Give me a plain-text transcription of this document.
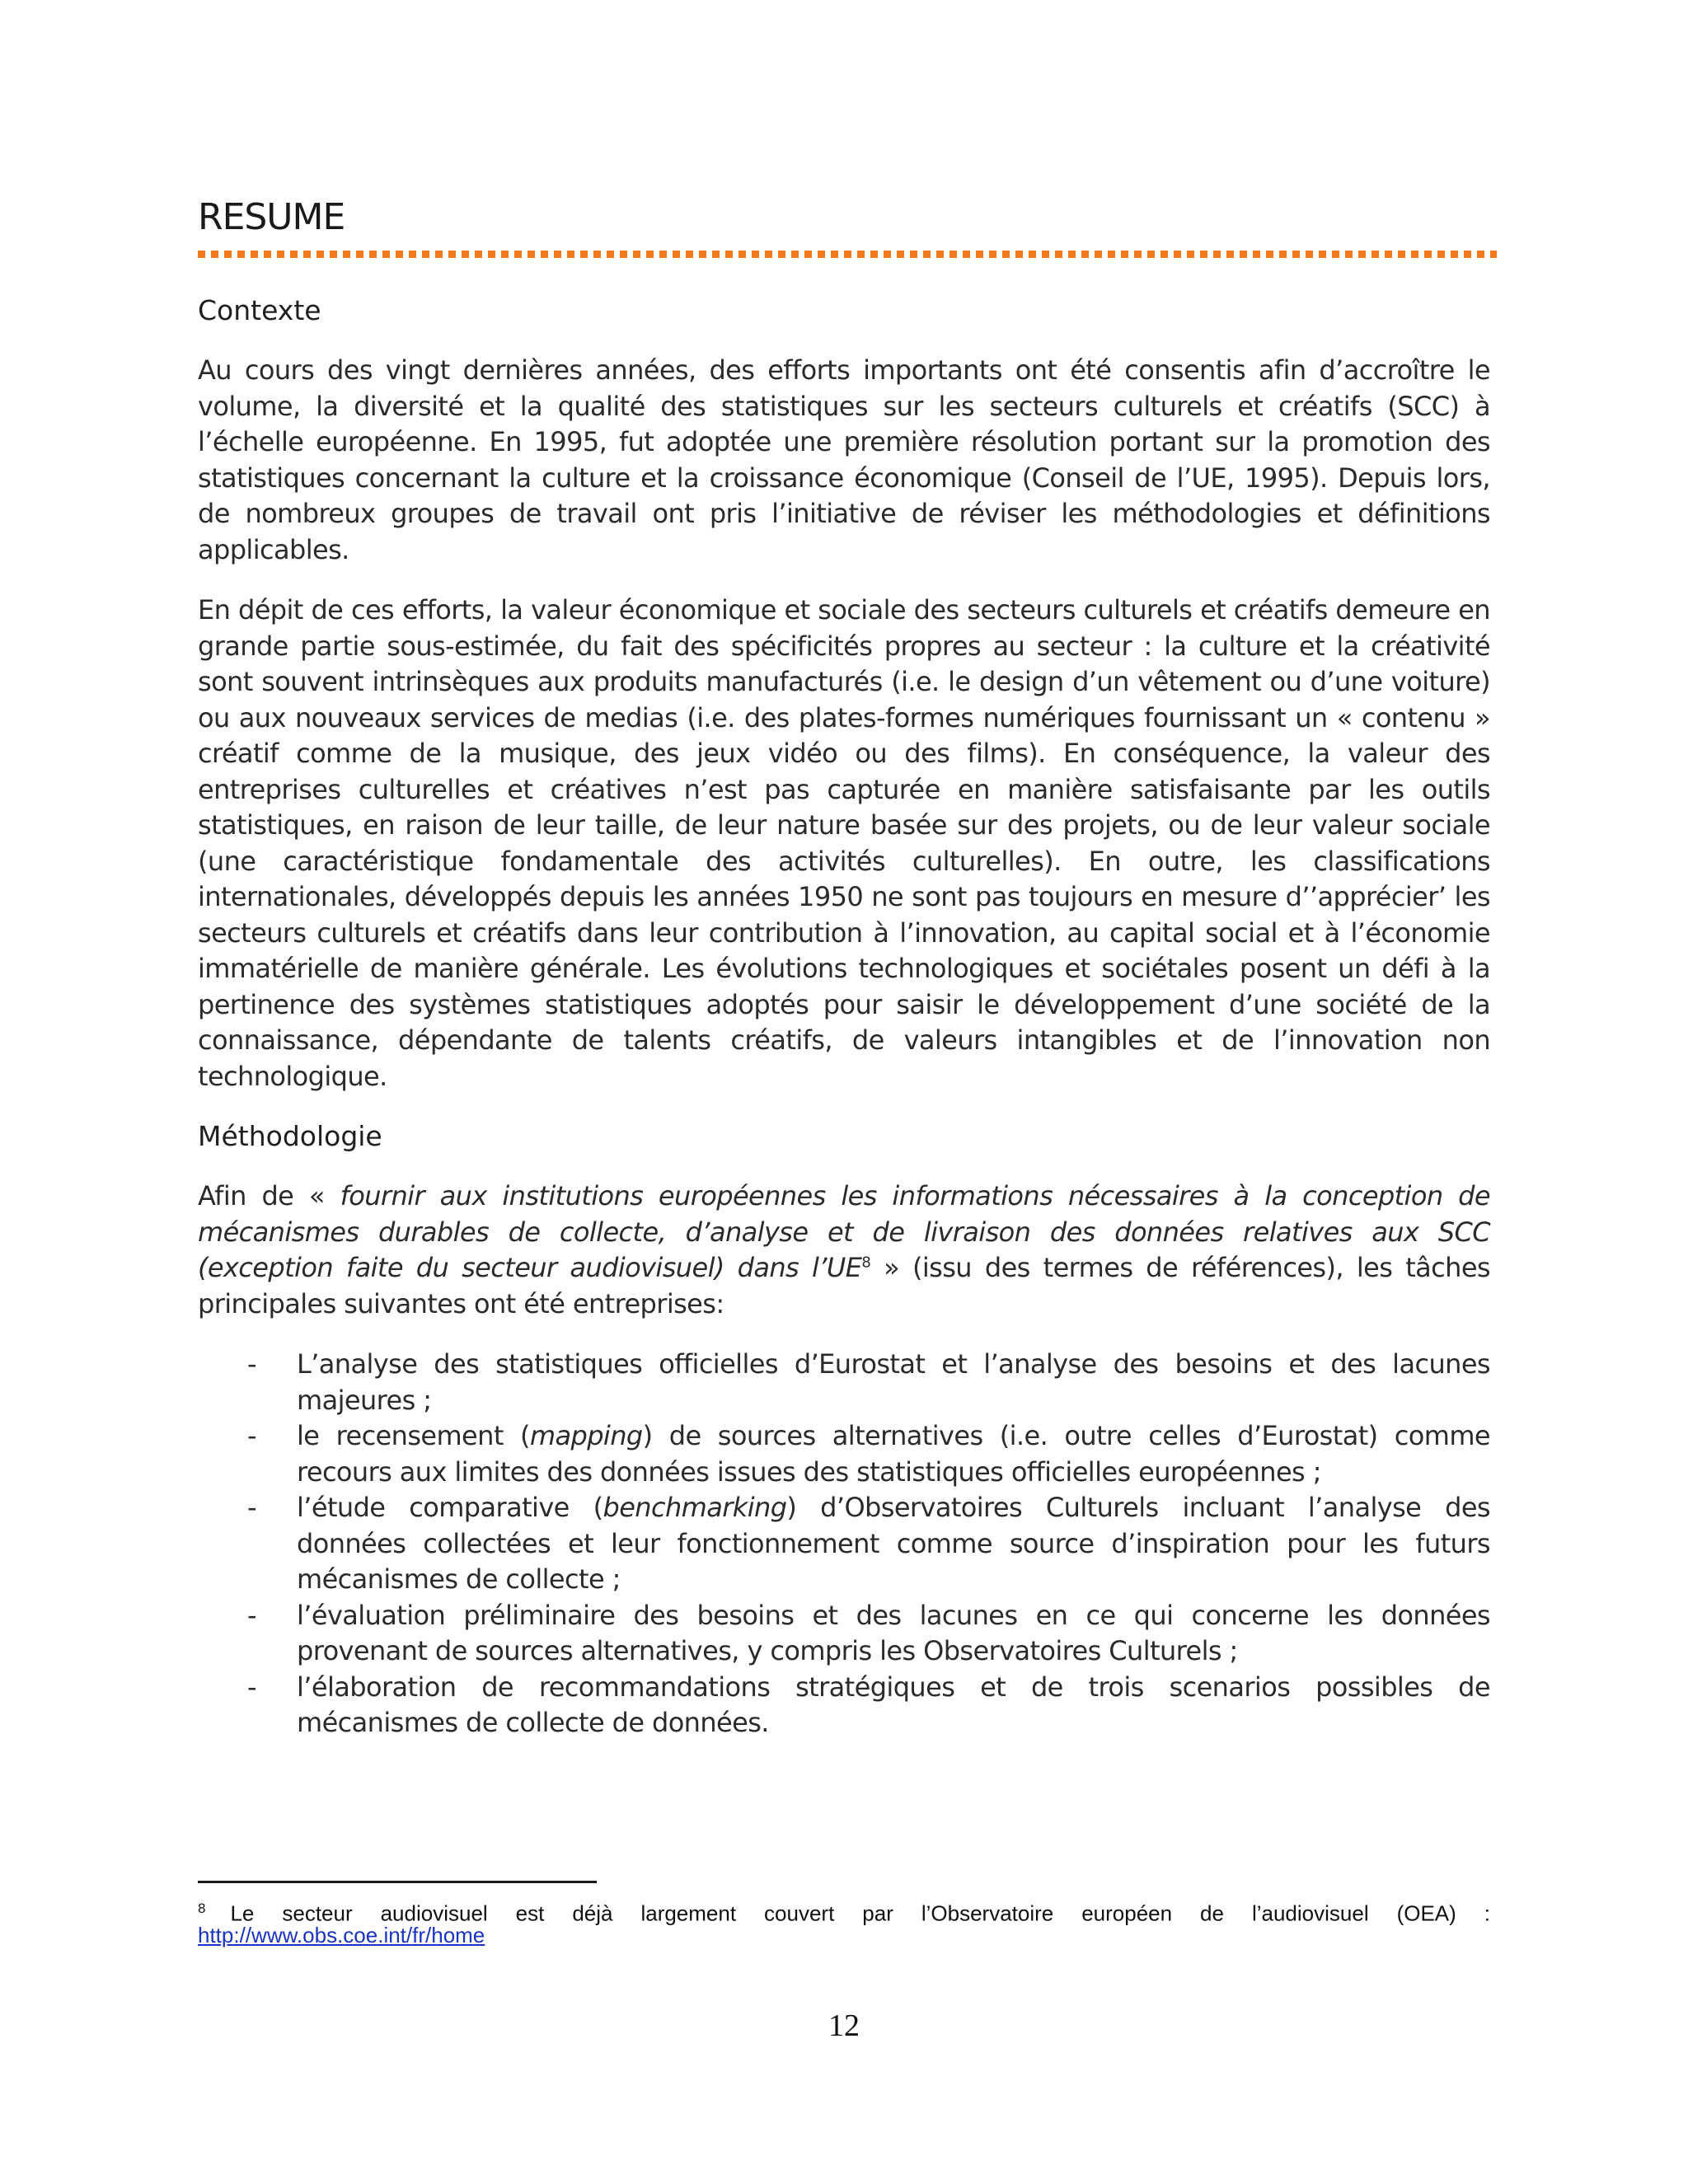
RESUME
Contexte

Au cours des vingt dernières années, des efforts importants ont été consentis afin d’accroître le volume, la diversité et la qualité des statistiques sur les secteurs culturels et créatifs (SCC) à l’échelle européenne. En 1995, fut adoptée une première résolution portant sur la promotion des statistiques concernant la culture et la croissance économique (Conseil de l’UE, 1995). Depuis lors, de nombreux groupes de travail ont pris l’initiative de réviser les méthodologies et définitions applicables.

En dépit de ces efforts, la valeur économique et sociale des secteurs culturels et créatifs demeure en grande partie sous-estimée, du fait des spécificités propres au secteur : la culture et la créativité sont souvent intrinsèques aux produits manufacturés (i.e. le design d’un vêtement ou d’une voiture) ou aux nouveaux services de medias (i.e. des plates-formes numériques fournissant un « contenu » créatif comme de la musique, des jeux vidéo ou des films). En conséquence, la valeur des entreprises culturelles et créatives n’est pas capturée en manière satisfaisante par les outils statistiques, en raison de leur taille, de leur nature basée sur des projets, ou de leur valeur sociale (une caractéristique fondamentale des activités culturelles). En outre, les classifications internationales, développés depuis les années 1950 ne sont pas toujours en mesure d’’apprécier’ les secteurs culturels et créatifs dans leur contribution à l’innovation, au capital social et à l’économie immatérielle de manière générale. Les évolutions technologiques et sociétales posent un défi à la pertinence des systèmes statistiques adoptés pour saisir le développement d’une société de la connaissance, dépendante de talents créatifs, de valeurs intangibles et de l’innovation non technologique.

Méthodologie

Afin de « fournir aux institutions européennes les informations nécessaires à la conception de mécanismes durables de collecte, d’analyse et de livraison des données relatives aux SCC (exception faite du secteur audiovisuel) dans l’UE$^8$ » (issu des termes de références), les tâches principales suivantes ont été entreprises:

- L’analyse des statistiques officielles d’Eurostat et l’analyse des besoins et des lacunes majeures ;
- le recensement (mapping) de sources alternatives (i.e. outre celles d’Eurostat) comme recours aux limites des données issues des statistiques officielles européennes ;
- l’étude comparative (benchmarking) d’Observatoires Culturels incluant l’analyse des données collectées et leur fonctionnement comme source d’inspiration pour les futurs mécanismes de collecte ;
- l’évaluation préliminaire des besoins et des lacunes en ce qui concerne les données provenant de sources alternatives, y compris les Observatoires Culturels ;
- l’élaboration de recommandations stratégiques et de trois scenarios possibles de mécanismes de collecte de données.
$^8$ Le secteur audiovisuel est déjà largement couvert par l’Observatoire européen de l’audiovisuel (OEA) :
http://www.obs.coe.int/fr/home
12
